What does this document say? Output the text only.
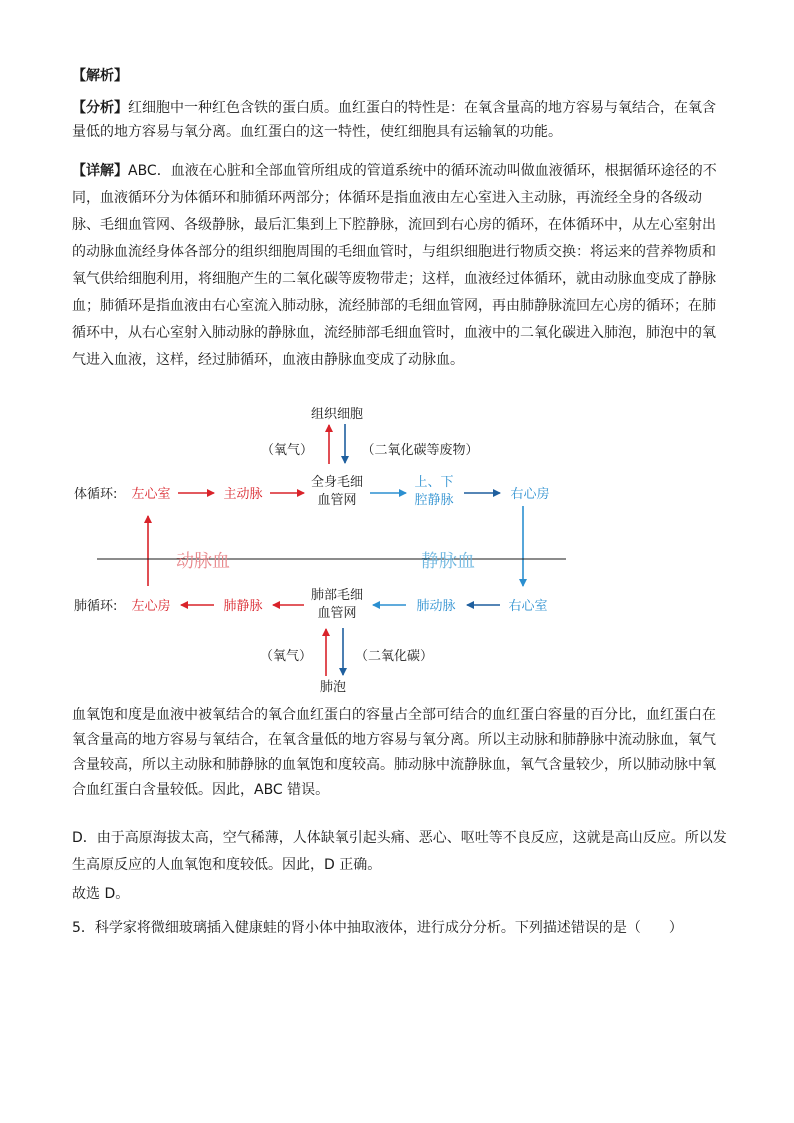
【解析】

【分析】红细胞中一种红色含铁的蛋白质。血红蛋白的特性是：在氧含量高的地方容易与氧结合，在氧含量低的地方容易与氧分离。血红蛋白的这一特性，使红细胞具有运输氧的功能。

【详解】ABC．血液在心脏和全部血管所组成的管道系统中的循环流动叫做血液循环，根据循环途径的不同，血液循环分为体循环和肺循环两部分；体循环是指血液由左心室进入主动脉，再流经全身的各级动脉、毛细血管网、各级静脉，最后汇集到上下腔静脉，流回到右心房的循环，在体循环中，从左心室射出的动脉血流经身体各部分的组织细胞周围的毛细血管时，与组织细胞进行物质交换：将运来的营养物质和氧气供给细胞利用，将细胞产生的二氧化碳等废物带走；这样，血液经过体循环，就由动脉血变成了静脉血；肺循环是指血液由右心室流入肺动脉，流经肺部的毛细血管网，再由肺静脉流回左心房的循环；在肺循环中，从右心室射入肺动脉的静脉血，流经肺部毛细血管时，血液中的二氧化碳进入肺泡，肺泡中的氧气进入血液，这样，经过肺循环，血液由静脉血变成了动脉血。

组织细胞
（氧气）	（二氧化碳等废物）
体循环: 左心室	主动脉
全身毛细
血管网
上、下
腔静脉	右心房
动脉血	静脉血
肺循环: 左心房	肺静脉
肺部毛细
血管网	肺动脉	右心室
（氧气）	（二氧化碳）
肺泡

血氧饱和度是血液中被氧结合的氧合血红蛋白的容量占全部可结合的血红蛋白容量的百分比，血红蛋白在氧含量高的地方容易与氧结合，在氧含量低的地方容易与氧分离。所以主动脉和肺静脉中流动脉血，氧气含量较高，所以主动脉和肺静脉的血氧饱和度较高。肺动脉中流静脉血，氧气含量较少，所以肺动脉中氧合血红蛋白含量较低。因此，ABC 错误。

D．由于高原海拔太高，空气稀薄，人体缺氧引起头痛、恶心、呕吐等不良反应，这就是高山反应。所以发生高原反应的人血氧饱和度较低。因此，D 正确。

故选 D。

5．科学家将微细玻璃插入健康蛙的肾小体中抽取液体，进行成分分析。下列描述错误的是（　　）
